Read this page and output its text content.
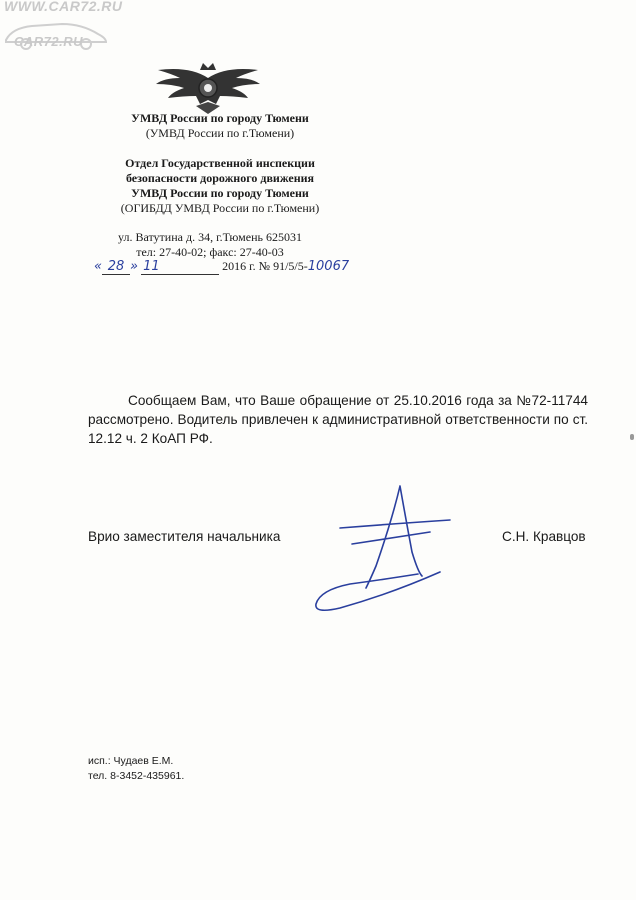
WWW.CAR72.RU
CAR72.RU
УМВД России по городу Тюмени
(УМВД России по г.Тюмени)
Отдел Государственной инспекции
безопасности дорожного движения
УМВД России по городу Тюмени
(ОГИБДД УМВД России по г.Тюмени)
ул. Ватутина д. 34, г.Тюмень 625031
тел: 27-40-02; факс: 27-40-03
« 28 » 11	2016 г. № 91/5/5-10067
Сообщаем Вам, что Ваше обращение от 25.10.2016 года за №72-11744 рассмотрено. Водитель привлечен к административной ответственности по ст. 12.12 ч. 2 КоАП РФ.
Врио заместителя начальника	С.Н. Кравцов
исп.: Чудаев Е.М.
тел. 8-3452-435961.
